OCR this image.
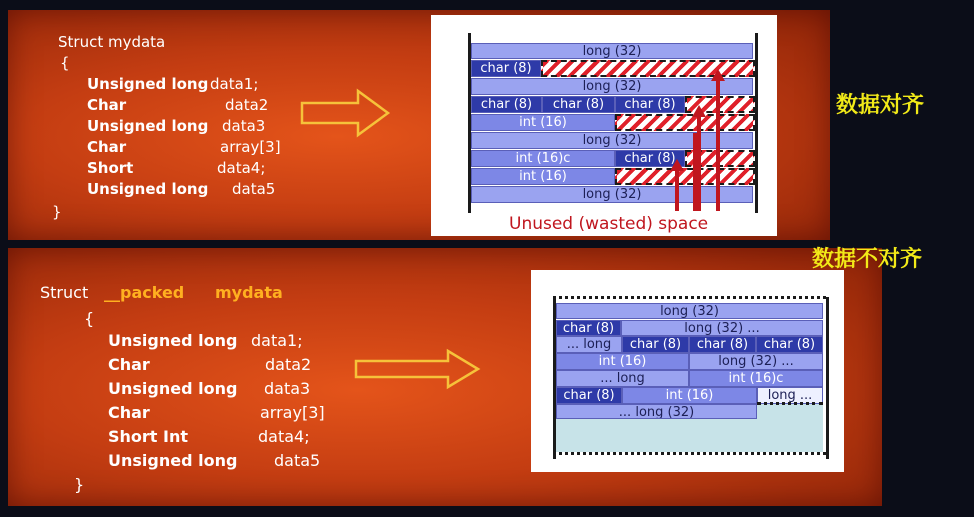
Struct mydata
{
Unsigned long data1;
Char	data2
Unsigned long data3
Char	array[3]
Short	data4;
Unsigned long data5
}
long (32)
char (8)
long (32)
char (8)	char (8)	char (8)
int (16)
long (32)
int (16)c	char (8)
int (16)
long (32)
Unused (wasted) space
数据对齐
Struct __packed mydata
{
Unsigned long data1;
Char	data2
Unsigned long data3
Char	array[3]
Short Int	data4;
Unsigned long data5
}
long (32)
char (8)	long (32) ...
... long	char (8)	char (8)	char (8)
int (16)	long (32) ...
... long	int (16)c
char (8)	int (16)	long ...
... long (32)
数据不对齐
